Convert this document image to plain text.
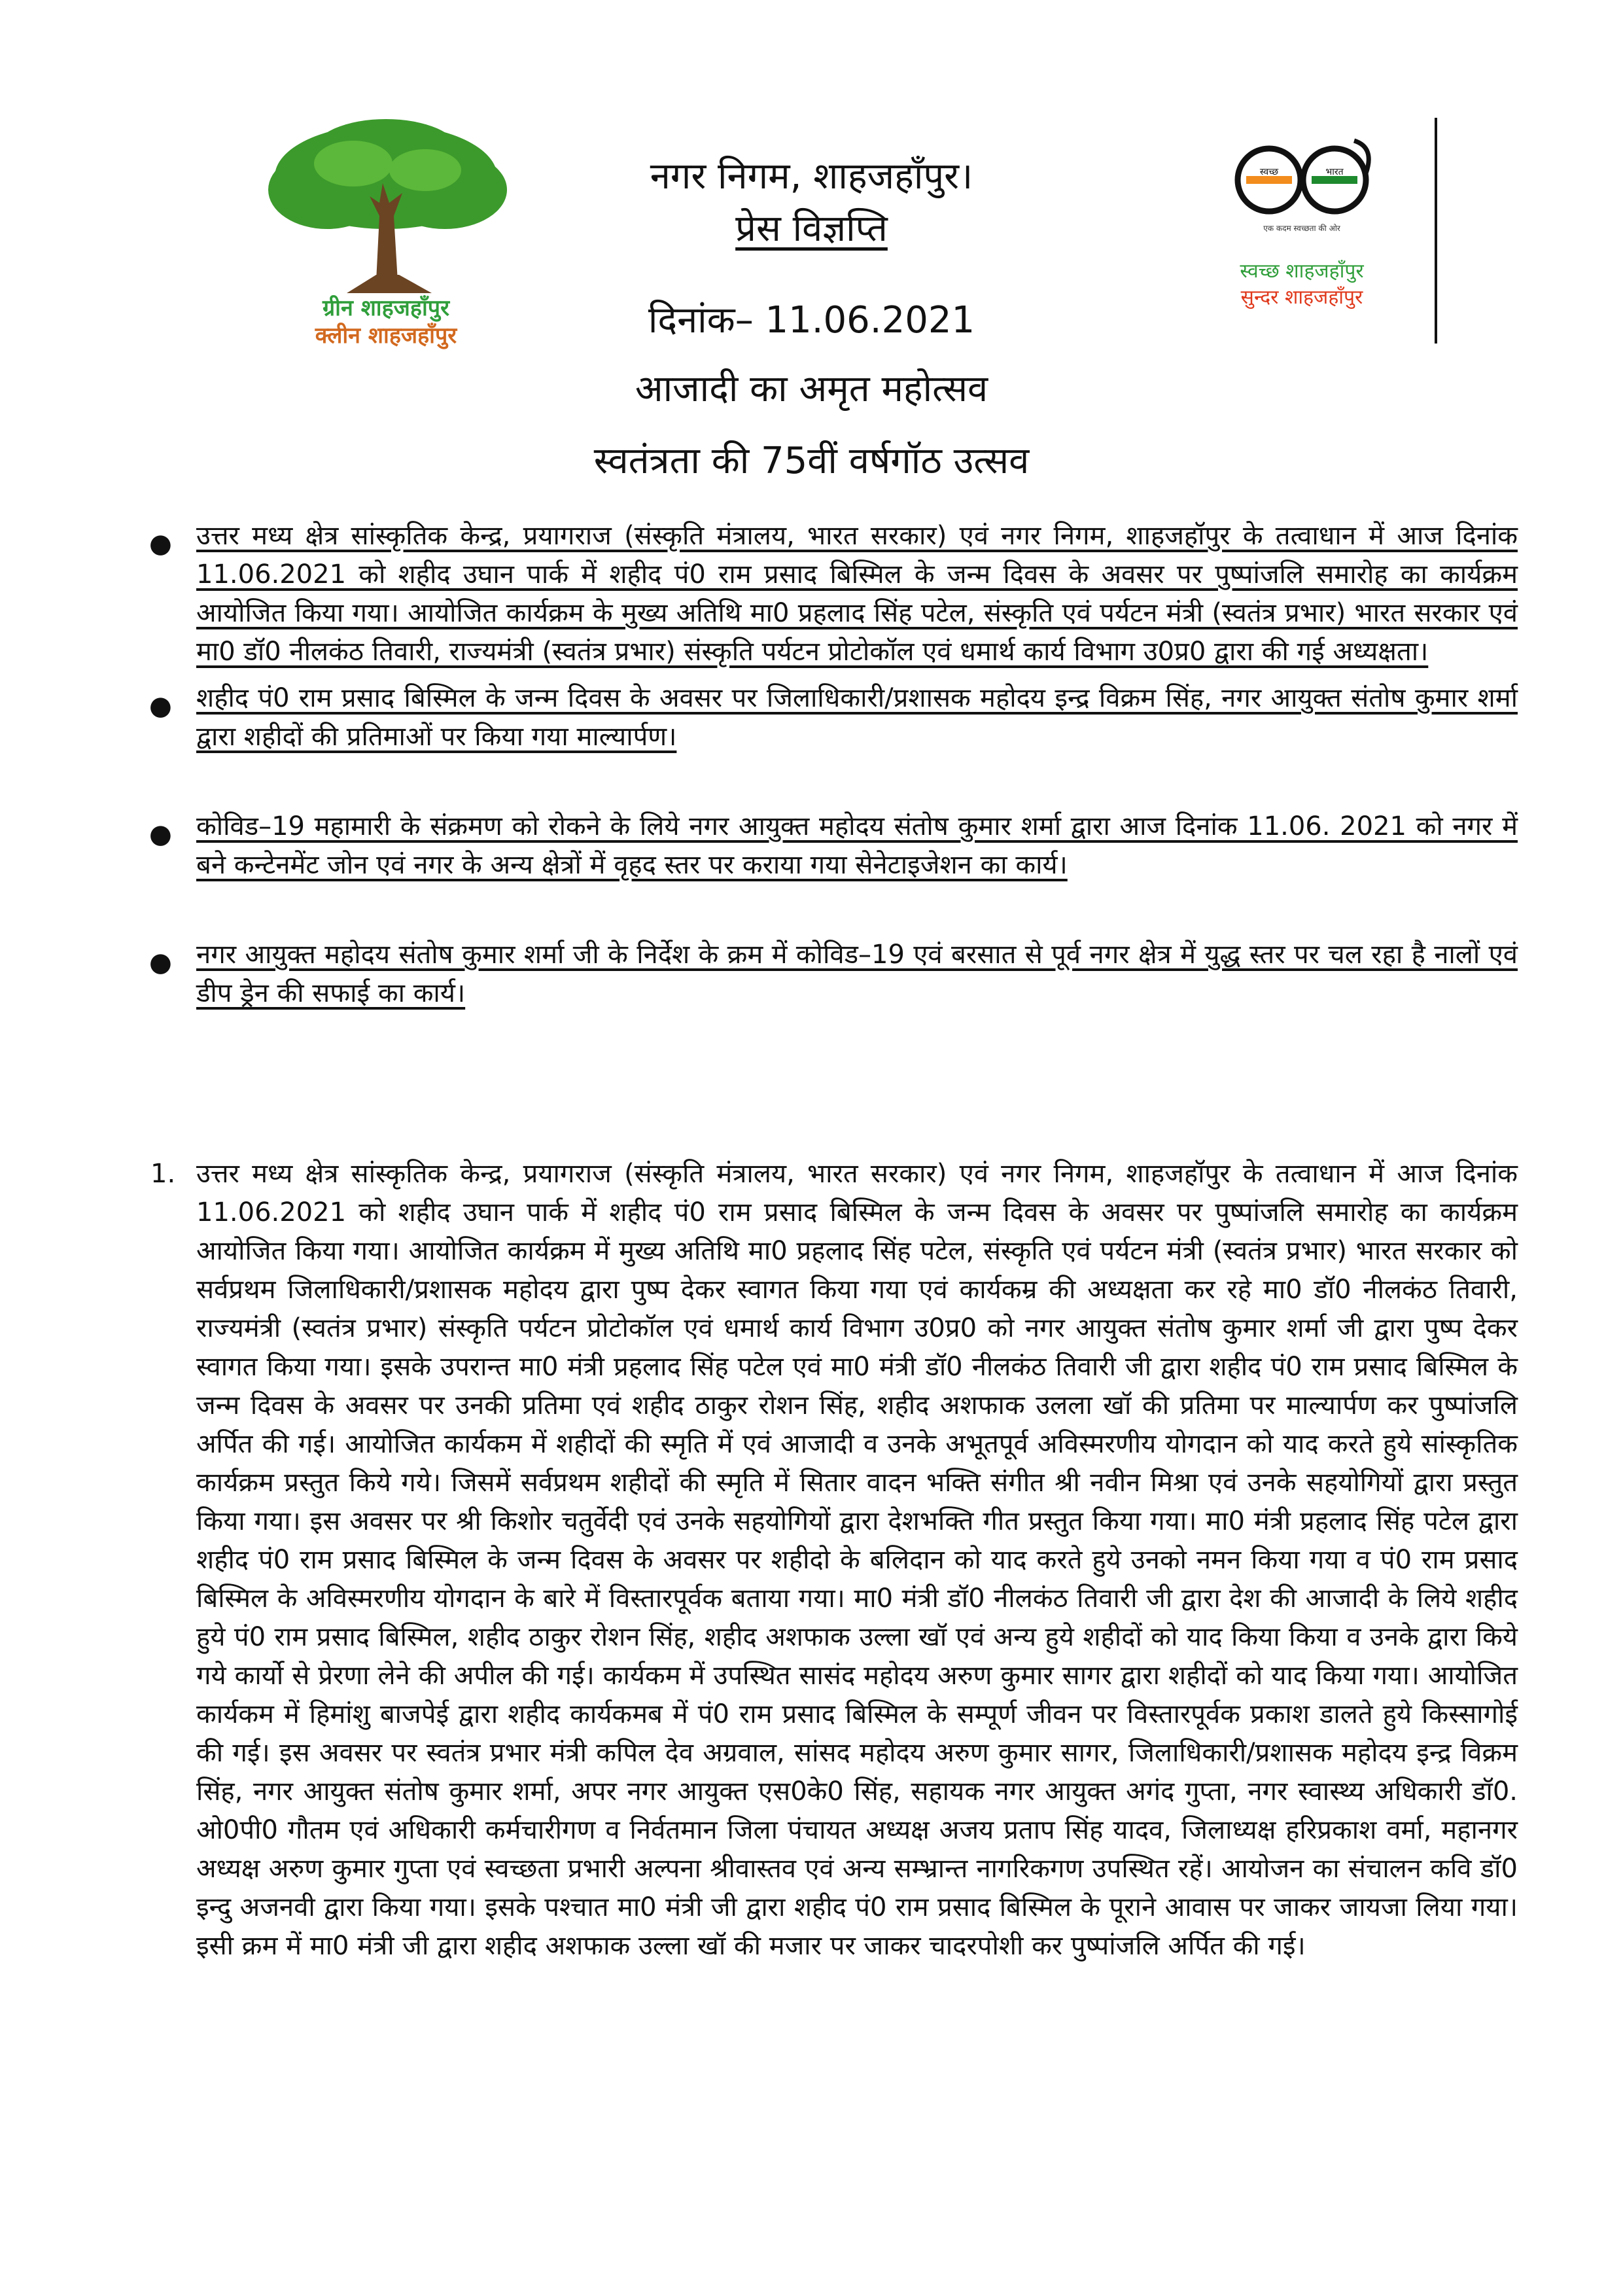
ग्रीन शाहजहाँपुर
क्लीन शाहजहाँपुर
स्वच्छ	भारत
एक कदम स्वच्छता की ओर
स्वच्छ शाहजहाँपुर
सुन्दर शाहजहाँपुर
नगर निगम, शाहजहाँपुर।
प्रेस विज्ञप्ति
दिनांक– 11.06.2021
आजादी का अमृत महोत्सव
स्वतंत्रता की 75वीं वर्षगॉठ उत्सव
● उत्तर मध्य क्षेत्र सांस्कृतिक केन्द्र, प्रयागराज (संस्कृति मंत्रालय, भारत सरकार) एवं नगर निगम, शाहजहॉपुर के तत्वाधान में आज दिनांक 11.06.2021 को शहीद उघान पार्क में शहीद पं0 राम प्रसाद बिस्मिल के जन्म दिवस के अवसर पर पुष्पांजलि समारोह का कार्यक्रम आयोजित किया गया। आयोजित कार्यक्रम के मुख्य अतिथि मा0 प्रहलाद सिंह पटेल, संस्कृति एवं पर्यटन मंत्री (स्वतंत्र प्रभार) भारत सरकार एवं मा0 डॉ0 नीलकंठ तिवारी, राज्यमंत्री (स्वतंत्र प्रभार) संस्कृति पर्यटन प्रोटोकॉल एवं धमार्थ कार्य विभाग उ0प्र0 द्वारा की गई अध्यक्षता।
● शहीद पं0 राम प्रसाद बिस्मिल के जन्म दिवस के अवसर पर जिलाधिकारी/प्रशासक महोदय इन्द्र विक्रम सिंह, नगर आयुक्त संतोष कुमार शर्मा द्वारा शहीदों की प्रतिमाओं पर किया गया माल्यार्पण।
● कोविड–19 महामारी के संक्रमण को रोकने के लिये नगर आयुक्त महोदय संतोष कुमार शर्मा द्वारा आज दिनांक 11.06. 2021 को नगर में बने कन्टेनमेंट जोन एवं नगर के अन्य क्षेत्रों में वृहद स्तर पर कराया गया सेनेटाइजेशन का कार्य।
● नगर आयुक्त महोदय संतोष कुमार शर्मा जी के निर्देश के क्रम में कोविड–19 एवं बरसात से पूर्व नगर क्षेत्र में युद्ध स्तर पर चल रहा है नालों एवं डीप ड्रेन की सफाई का कार्य।
1. उत्तर मध्य क्षेत्र सांस्कृतिक केन्द्र, प्रयागराज (संस्कृति मंत्रालय, भारत सरकार) एवं नगर निगम, शाहजहॉपुर के तत्वाधान में आज दिनांक 11.06.2021 को शहीद उघान पार्क में शहीद पं0 राम प्रसाद बिस्मिल के जन्म दिवस के अवसर पर पुष्पांजलि समारोह का कार्यक्रम आयोजित किया गया। आयोजित कार्यक्रम में मुख्य अतिथि मा0 प्रहलाद सिंह पटेल, संस्कृति एवं पर्यटन मंत्री (स्वतंत्र प्रभार) भारत सरकार को सर्वप्रथम जिलाधिकारी/प्रशासक महोदय द्वारा पुष्प देकर स्वागत किया गया एवं कार्यकम्र की अध्यक्षता कर रहे मा0 डॉ0 नीलकंठ तिवारी, राज्यमंत्री (स्वतंत्र प्रभार) संस्कृति पर्यटन प्रोटोकॉल एवं धमार्थ कार्य विभाग उ0प्र0 को नगर आयुक्त संतोष कुमार शर्मा जी द्वारा पुष्प देकर स्वागत किया गया। इसके उपरान्त मा0 मंत्री प्रहलाद सिंह पटेल एवं मा0 मंत्री डॉ0 नीलकंठ तिवारी जी द्वारा शहीद पं0 राम प्रसाद बिस्मिल के जन्म दिवस के अवसर पर उनकी प्रतिमा एवं शहीद ठाकुर रोशन सिंह, शहीद अशफाक उलला खॉ की प्रतिमा पर माल्यार्पण कर पुष्पांजलि अर्पित की गई। आयोजित कार्यकम में शहीदों की स्मृति में एवं आजादी व उनके अभूतपूर्व अविस्मरणीय योगदान को याद करते हुये सांस्कृतिक कार्यक्रम प्रस्तुत किये गये। जिसमें सर्वप्रथम शहीदों की स्मृति में सितार वादन भक्ति संगीत श्री नवीन मिश्रा एवं उनके सहयोगियों द्वारा प्रस्तुत किया गया। इस अवसर पर श्री किशोर चतुर्वेदी एवं उनके सहयोगियों द्वारा देशभक्ति गीत प्रस्तुत किया गया। मा0 मंत्री प्रहलाद सिंह पटेल द्वारा शहीद पं0 राम प्रसाद बिस्मिल के जन्म दिवस के अवसर पर शहीदो के बलिदान को याद करते हुये उनको नमन किया गया व पं0 राम प्रसाद बिस्मिल के अविस्मरणीय योगदान के बारे में विस्तारपूर्वक बताया गया। मा0 मंत्री डॉ0 नीलकंठ तिवारी जी द्वारा देश की आजादी के लिये शहीद हुये पं0 राम प्रसाद बिस्मिल, शहीद ठाकुर रोशन सिंह, शहीद अशफाक उल्ला खॉ एवं अन्य हुये शहीदों को याद किया किया व उनके द्वारा किये गये कार्यो से प्रेरणा लेने की अपील की गई। कार्यकम में उपस्थित सासंद महोदय अरुण कुमार सागर द्वारा शहीदों को याद किया गया। आयोजित कार्यकम में हिमांशु बाजपेई द्वारा शहीद कार्यकमब में पं0 राम प्रसाद बिस्मिल के सम्पूर्ण जीवन पर विस्तारपूर्वक प्रकाश डालते हुये किस्सागोई की गई। इस अवसर पर स्वतंत्र प्रभार मंत्री कपिल देव अग्रवाल, सांसद महोदय अरुण कुमार सागर, जिलाधिकारी/प्रशासक महोदय इन्द्र विक्रम सिंह, नगर आयुक्त संतोष कुमार शर्मा, अपर नगर आयुक्त एस0के0 सिंह, सहायक नगर आयुक्त अगंद गुप्ता, नगर स्वास्थ्य अधिकारी डॉ0. ओ0पी0 गौतम एवं अधिकारी कर्मचारीगण व निर्वतमान जिला पंचायत अध्यक्ष अजय प्रताप सिंह यादव, जिलाध्यक्ष हरिप्रकाश वर्मा, महानगर अध्यक्ष अरुण कुमार गुप्ता एवं स्वच्छता प्रभारी अल्पना श्रीवास्तव एवं अन्य सम्भ्रान्त नागरिकगण उपस्थित रहें। आयोजन का संचालन कवि डॉ0 इन्दु अजनवी द्वारा किया गया। इसके पश्चात मा0 मंत्री जी द्वारा शहीद पं0 राम प्रसाद बिस्मिल के पूराने आवास पर जाकर जायजा लिया गया। इसी क्रम में मा0 मंत्री जी द्वारा शहीद अशफाक उल्ला खॉ की मजार पर जाकर चादरपोशी कर पुष्पांजलि अर्पित की गई।
